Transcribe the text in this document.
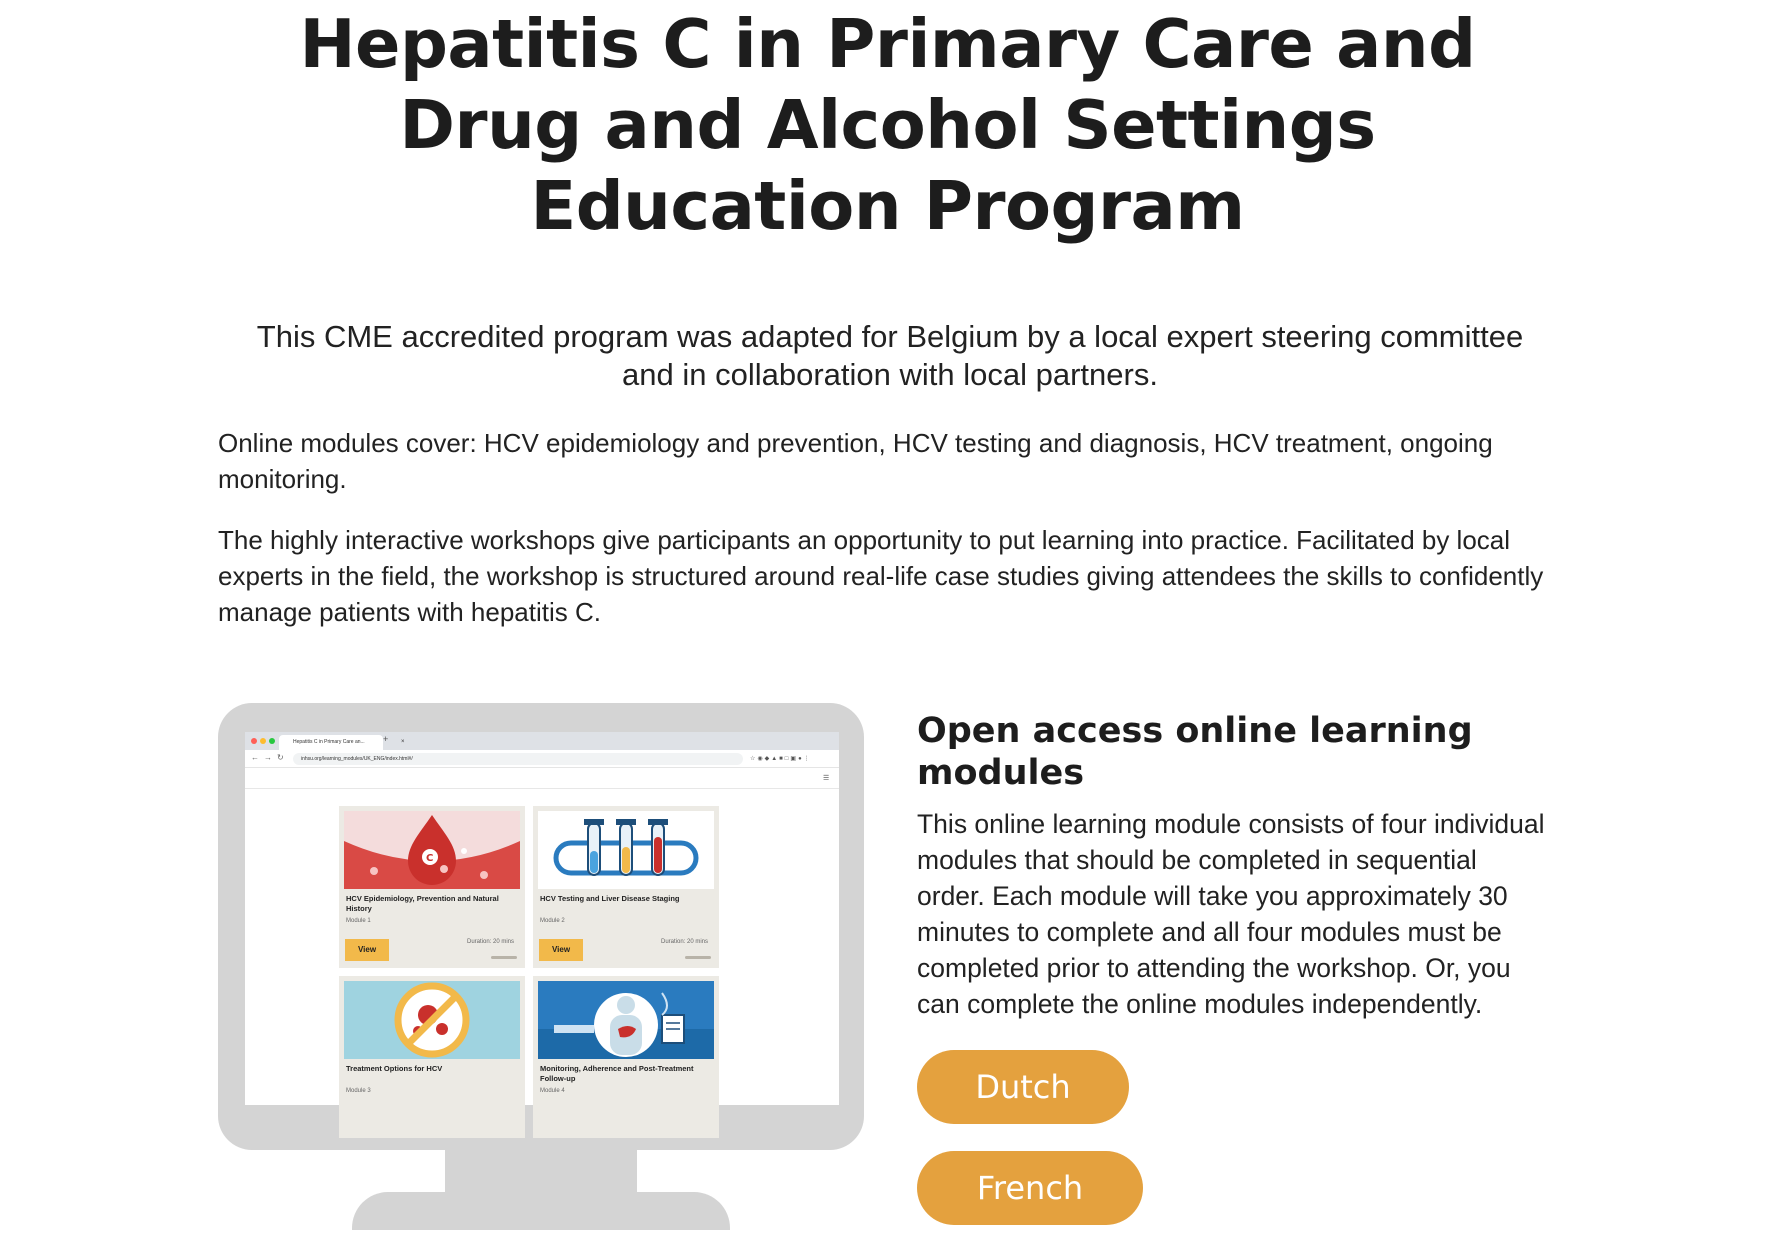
Hepatitis C in Primary Care and
Drug and Alcohol Settings
Education Program

This CME accredited program was adapted for Belgium by a local expert steering committee
and in collaboration with local partners.

Online modules cover: HCV epidemiology and prevention, HCV testing and diagnosis, HCV treatment, ongoing monitoring.

The highly interactive workshops give participants an opportunity to put learning into practice. Facilitated by local experts in the field, the workshop is structured around real-life case studies giving attendees the skills to confidently manage patients with hepatitis C.

Hepatitis C in Primary Care an...	×
+
←→↻	inhsu.org/learning_modules/UK_ENG/index.html#/	☆◉◆▲■□▣●⋮
☰
C
HCV Epidemiology, Prevention and Natural History
Module 1
View
Duration: 20 mins
HCV Testing and Liver Disease Staging
Module 2
View
Duration: 20 mins
Treatment Options for HCV
Module 3
Monitoring, Adherence and Post-Treatment Follow-up
Module 4
Open access online learning
modules

This online learning module consists of four individual
modules that should be completed in sequential
order. Each module will take you approximately 30
minutes to complete and all four modules must be
completed prior to attending the workshop. Or, you
can complete the online modules independently.

Dutch
French
